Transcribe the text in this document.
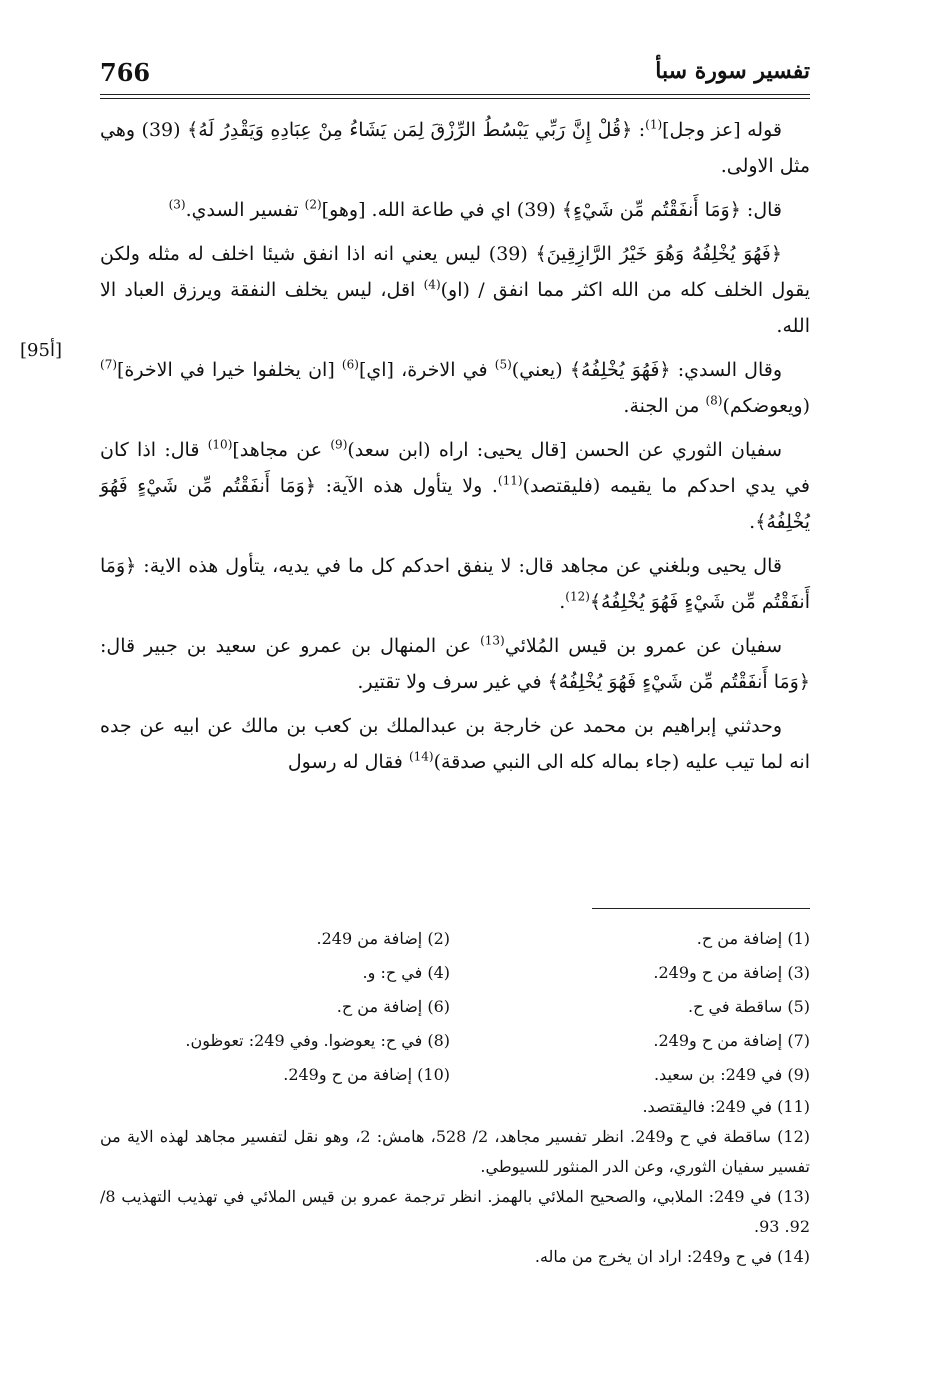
766	تفسير سورة سبأ
[95أ]

قوله [عز وجل]$^{(1)}$: ﴿قُلْ إِنَّ رَبِّي يَبْسُطُ الرِّزْقَ لِمَن يَشَاءُ مِنْ عِبَادِهِ وَيَقْدِرُ لَهُ﴾ (39) وهي مثل الاولى.

قال: ﴿وَمَا أَنفَقْتُم مِّن شَيْءٍ﴾ (39) اي في طاعة الله. [وهو]$^{(2)}$ تفسير السدي.$^{(3)}$

﴿فَهُوَ يُخْلِفُهُ وَهُوَ خَيْرُ الرَّازِقِينَ﴾ (39) ليس يعني انه اذا انفق شيئا اخلف له مثله ولكن يقول الخلف كله من الله اكثر مما انفق / (او)$^{(4)}$ اقل، ليس يخلف النفقة ويرزق العباد الا الله.

وقال السدي: ﴿فَهُوَ يُخْلِفُهُ﴾ (يعني)$^{(5)}$ في الاخرة، [اي]$^{(6)}$ [ان يخلفوا خيرا في الاخرة]$^{(7)}$ (ويعوضكم)$^{(8)}$ من الجنة.

سفيان الثوري عن الحسن [قال يحيى: اراه (ابن سعد)$^{(9)}$ عن مجاهد]$^{(10)}$ قال: اذا كان في يدي احدكم ما يقيمه (فليقتصد)$^{(11)}$. ولا يتأول هذه الآية: ﴿وَمَا أَنفَقْتُم مِّن شَيْءٍ فَهُوَ يُخْلِفُهُ﴾.

قال يحيى وبلغني عن مجاهد قال: لا ينفق احدكم كل ما في يديه، يتأول هذه الاية: ﴿وَمَا أَنفَقْتُم مِّن شَيْءٍ فَهُوَ يُخْلِفُهُ﴾$^{(12)}$.

سفيان عن عمرو بن قيس المُلائي$^{(13)}$ عن المنهال بن عمرو عن سعيد بن جبير قال: ﴿وَمَا أَنفَقْتُم مِّن شَيْءٍ فَهُوَ يُخْلِفُهُ﴾ في غير سرف ولا تقتير.

وحدثني إبراهيم بن محمد عن خارجة بن عبدالملك بن كعب بن مالك عن ابيه عن جده انه لما تيب عليه (جاء بماله كله الى النبي صدقة)$^{(14)}$ فقال له رسول

(1) إضافة من ح.
(2) إضافة من 249.
(3) إضافة من ح و249.
(4) في ح: و.
(5) ساقطة في ح.
(6) إضافة من ح.
(7) إضافة من ح و249.
(8) في ح: يعوضوا. وفي 249: تعوظون.
(9) في 249: بن سعيد.
(10) إضافة من ح و249.
(11) في 249: فاليقتصد.
(12) ساقطة في ح و249. انظر تفسير مجاهد، 2/ 528، هامش: 2، وهو نقل لتفسير مجاهد لهذه الاية من تفسير سفيان الثوري، وعن الدر المنثور للسيوطي.
(13) في 249: الملابي، والصحيح الملائي بالهمز. انظر ترجمة عمرو بن قيس الملائي في تهذيب التهذيب 8/ 92. 93.
(14) في ح و249: اراد ان يخرج من ماله.
